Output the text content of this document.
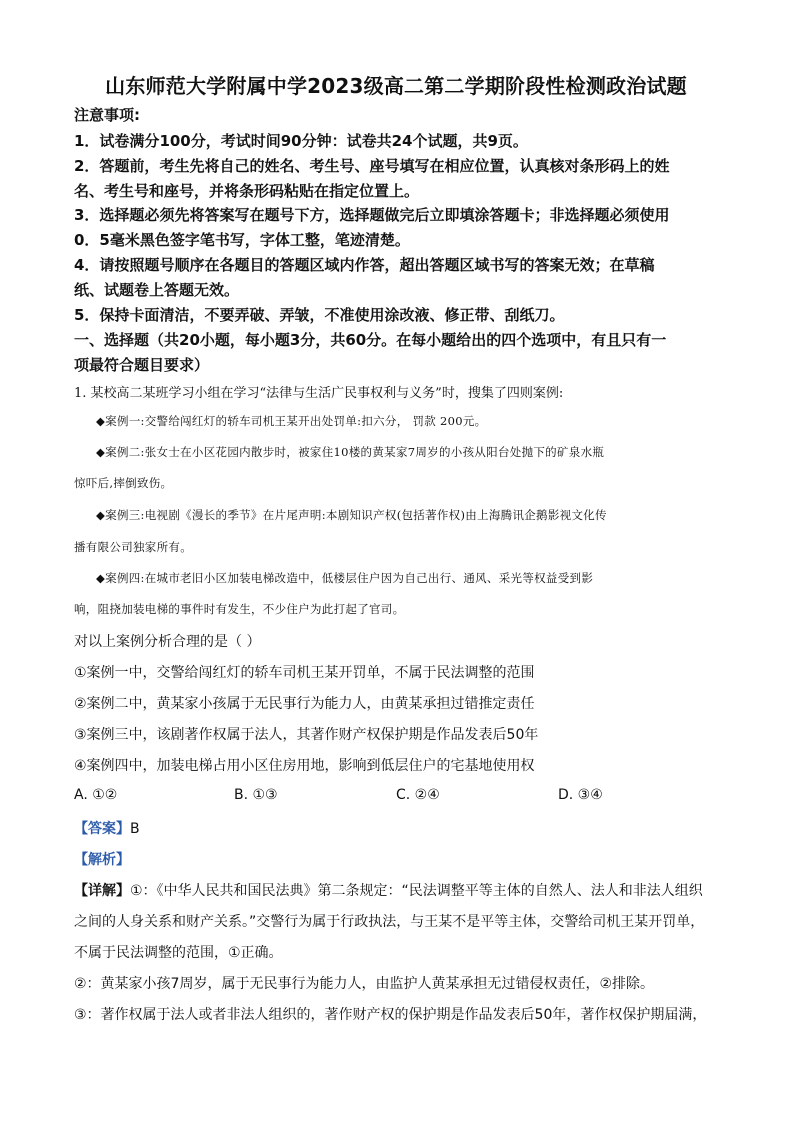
山东师范大学附属中学2023级高二第二学期阶段性检测政治试题
注意事项:
1．试卷满分100分，考试时间90分钟：试卷共24个试题，共9页。
2．答题前，考生先将自己的姓名、考生号、座号填写在相应位置，认真核对条形码上的姓
名、考生号和座号，并将条形码粘贴在指定位置上。
3．选择题必须先将答案写在题号下方，选择题做完后立即填涂答题卡；非选择题必须使用
0．5毫米黑色签字笔书写，字体工整，笔迹清楚。
4．请按照题号顺序在各题目的答题区域内作答，超出答题区域书写的答案无效；在草稿
纸、试题卷上答题无效。
5．保持卡面清洁，不要弄破、弄皱，不准使用涂改液、修正带、刮纸刀。
一、选择题（共20小题，每小题3分，共60分。在每小题给出的四个选项中，有且只有一
项最符合题目要求）
1. 某校高二某班学习小组在学习“法律与生活广民事权利与义务”时，搜集了四则案例:
◆案例一:交警给闯红灯的轿车司机王某开出处罚单:扣六分， 罚款 200元。
◆案例二:张女士在小区花园内散步时，被家住10楼的黄某家7周岁的小孩从阳台处抛下的矿泉水瓶
惊吓后,摔倒致伤。
◆案例三:电视剧《漫长的季节》在片尾声明:本剧知识产权(包括著作权)由上海腾讯企鹅影视文化传
播有限公司独家所有。
◆案例四:在城市老旧小区加装电梯改造中，低楼层住户因为自己出行、通风、采光等权益受到影
响，阻挠加装电梯的事件时有发生，不少住户为此打起了官司。
对以上案例分析合理的是（ ）
①案例一中，交警给闯红灯的轿车司机王某开罚单，不属于民法调整的范围
②案例二中，黄某家小孩属于无民事行为能力人，由黄某承担过错推定责任
③案例三中，该剧著作权属于法人，其著作财产权保护期是作品发表后50年
④案例四中，加装电梯占用小区住房用地，影响到低层住户的宅基地使用权
A. ①②	B. ①③	C. ②④	D. ③④
【答案】B
【解析】
【详解】①：《中华人民共和国民法典》第二条规定：“民法调整平等主体的自然人、法人和非法人组织
之间的人身关系和财产关系。”交警行为属于行政执法，与王某不是平等主体，交警给司机王某开罚单，
不属于民法调整的范围，①正确。
②：黄某家小孩7周岁，属于无民事行为能力人，由监护人黄某承担无过错侵权责任，②排除。
③：著作权属于法人或者非法人组织的，著作财产权的保护期是作品发表后50年，著作权保护期届满，
